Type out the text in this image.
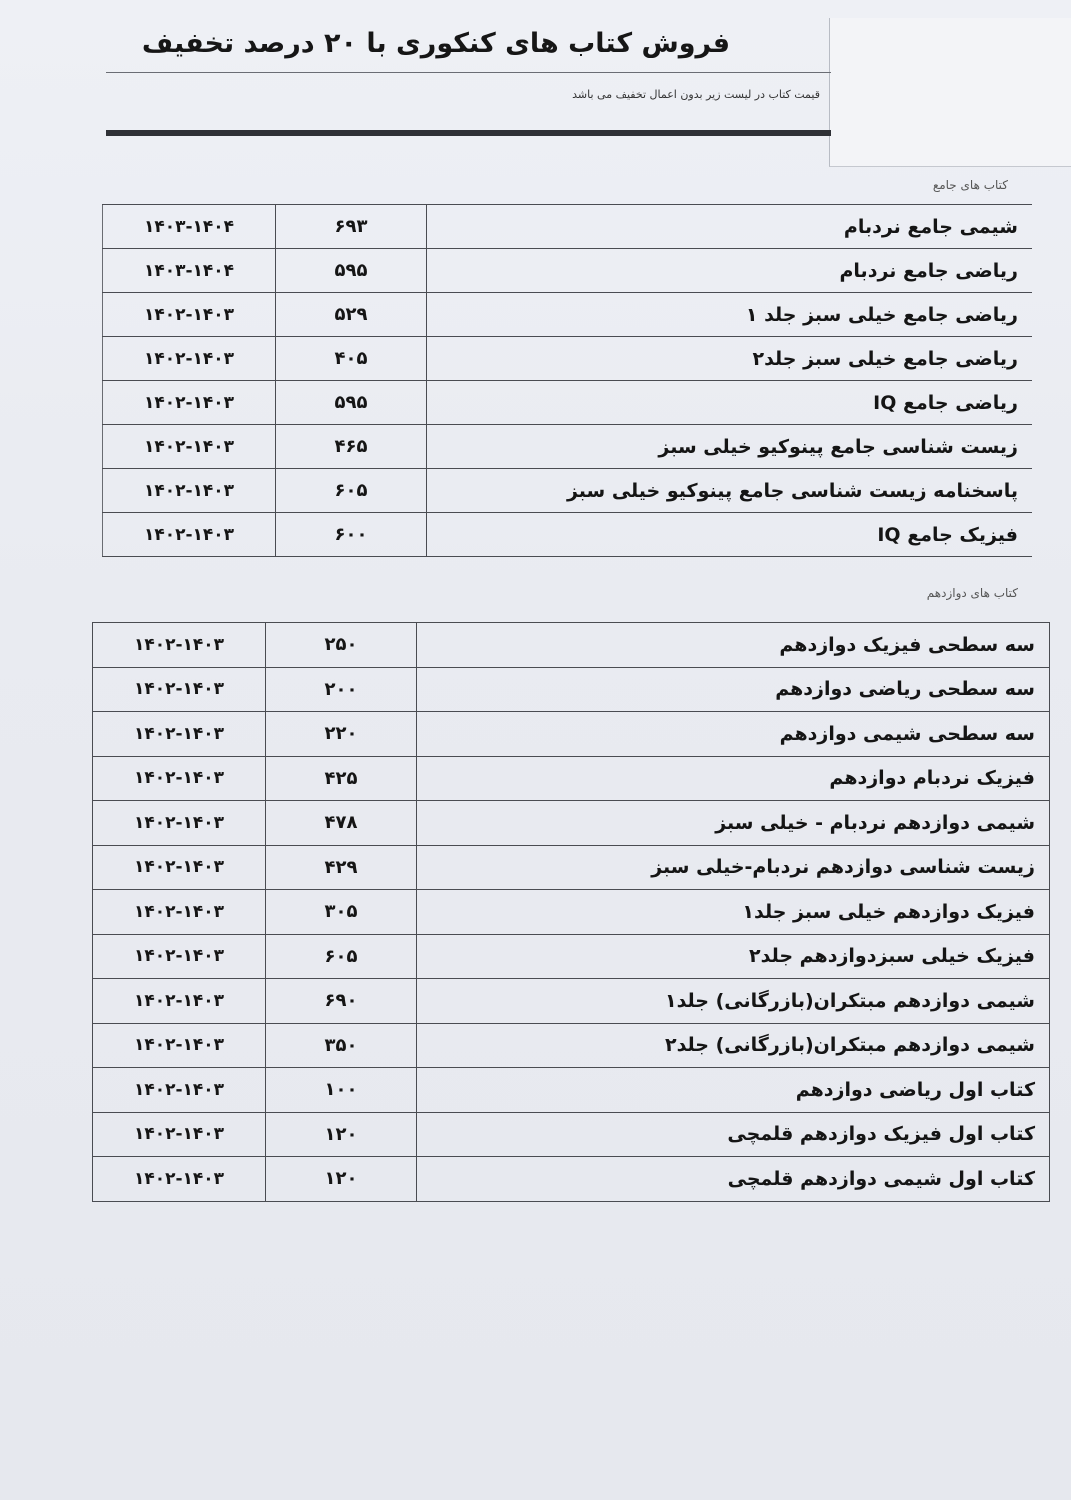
فروش کتاب های کنکوری با ۲۰ درصد تخفیف
قیمت کتاب در لیست زیر بدون اعمال تخفیف می باشد
کتاب های جامع
۱۴۰۳-۱۴۰۴	۶۹۳	شیمی جامع نردبام
۱۴۰۳-۱۴۰۴	۵۹۵	ریاضی جامع نردبام
۱۴۰۲-۱۴۰۳	۵۲۹	ریاضی جامع خیلی سبز جلد ۱
۱۴۰۲-۱۴۰۳	۴۰۵	ریاضی جامع خیلی سبز جلد۲
۱۴۰۲-۱۴۰۳	۵۹۵	ریاضی جامع IQ
۱۴۰۲-۱۴۰۳	۴۶۵	زیست شناسی جامع پینوکیو خیلی سبز
۱۴۰۲-۱۴۰۳	۶۰۵	پاسخنامه زیست شناسی جامع پینوکیو خیلی سبز
۱۴۰۲-۱۴۰۳	۶۰۰	فیزیک جامع IQ
کتاب های دوازدهم
۱۴۰۲-۱۴۰۳	۲۵۰	سه سطحی فیزیک دوازدهم
۱۴۰۲-۱۴۰۳	۲۰۰	سه سطحی ریاضی دوازدهم
۱۴۰۲-۱۴۰۳	۲۲۰	سه سطحی شیمی دوازدهم
۱۴۰۲-۱۴۰۳	۴۲۵	فیزیک نردبام دوازدهم
۱۴۰۲-۱۴۰۳	۴۷۸	شیمی دوازدهم نردبام - خیلی سبز
۱۴۰۲-۱۴۰۳	۴۲۹	زیست شناسی دوازدهم نردبام-خیلی سبز
۱۴۰۲-۱۴۰۳	۳۰۵	فیزیک دوازدهم خیلی سبز جلد۱
۱۴۰۲-۱۴۰۳	۶۰۵	فیزیک خیلی سبزدوازدهم جلد۲
۱۴۰۲-۱۴۰۳	۶۹۰	شیمی دوازدهم مبتکران(بازرگانی) جلد۱
۱۴۰۲-۱۴۰۳	۳۵۰	شیمی دوازدهم مبتکران(بازرگانی) جلد۲
۱۴۰۲-۱۴۰۳	۱۰۰	کتاب اول ریاضی دوازدهم
۱۴۰۲-۱۴۰۳	۱۲۰	کتاب اول فیزیک دوازدهم قلمچی
۱۴۰۲-۱۴۰۳	۱۲۰	کتاب اول شیمی دوازدهم قلمچی
